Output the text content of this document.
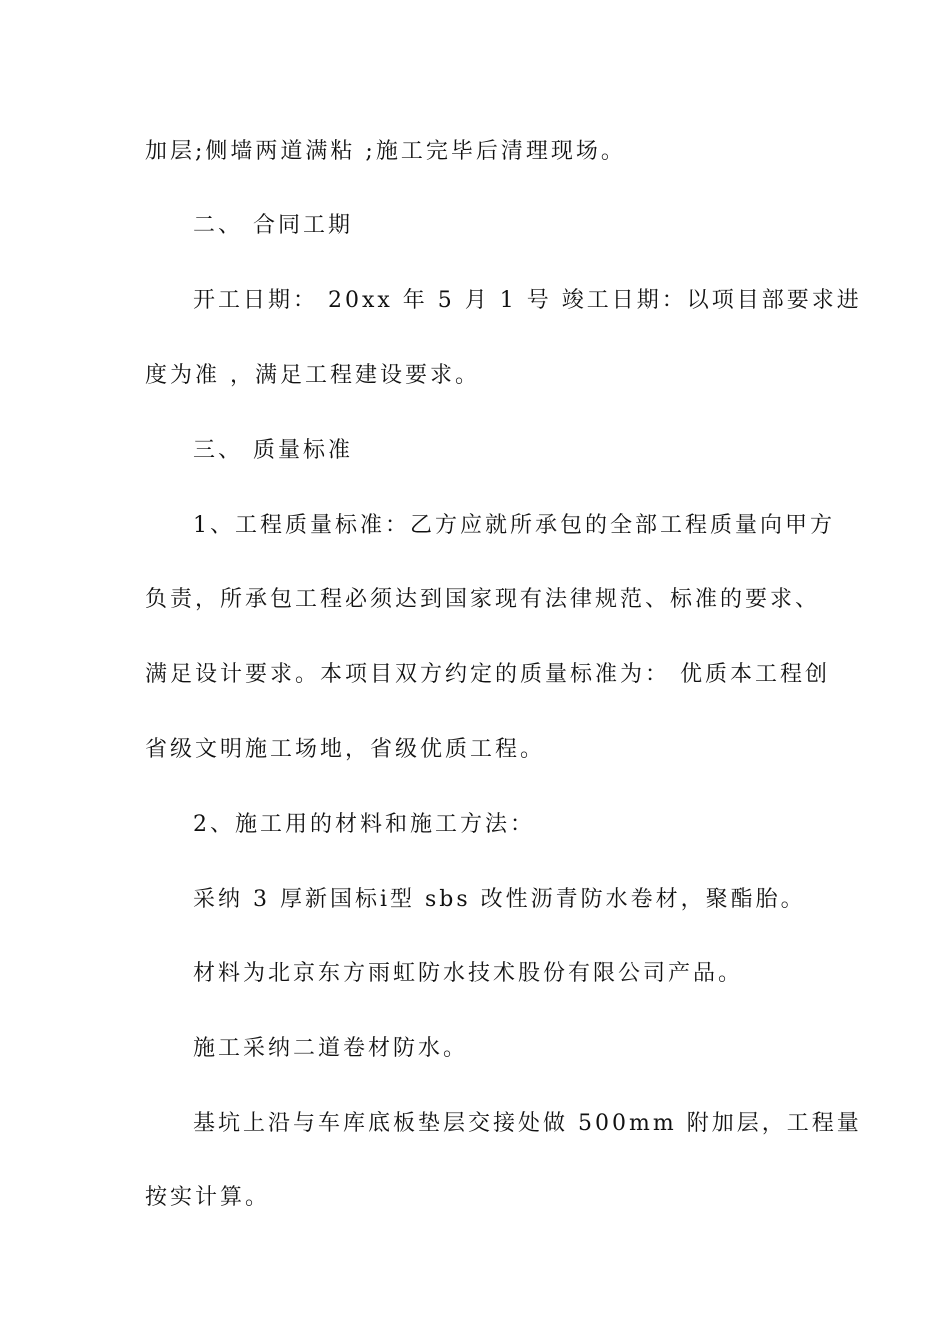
加层;侧墙两道满粘 ;施工完毕后清理现场。
二、 合同工期
开工日期： 20xx 年 5 月 1 号 竣工日期：以项目部要求进
度为准 ，满足工程建设要求。
三、 质量标准
1、工程质量标准：乙方应就所承包的全部工程质量向甲方
负责，所承包工程必须达到国家现有法律规范、标准的要求、
满足设计要求。本项目双方约定的质量标准为： 优质本工程创
省级文明施工场地，省级优质工程。
2、施工用的材料和施工方法：
采纳 3 厚新国标ⅰ型 sbs 改性沥青防水卷材，聚酯胎。
材料为北京东方雨虹防水技术股份有限公司产品。
施工采纳二道卷材防水。
基坑上沿与车库底板垫层交接处做 500mm 附加层，工程量
按实计算。
